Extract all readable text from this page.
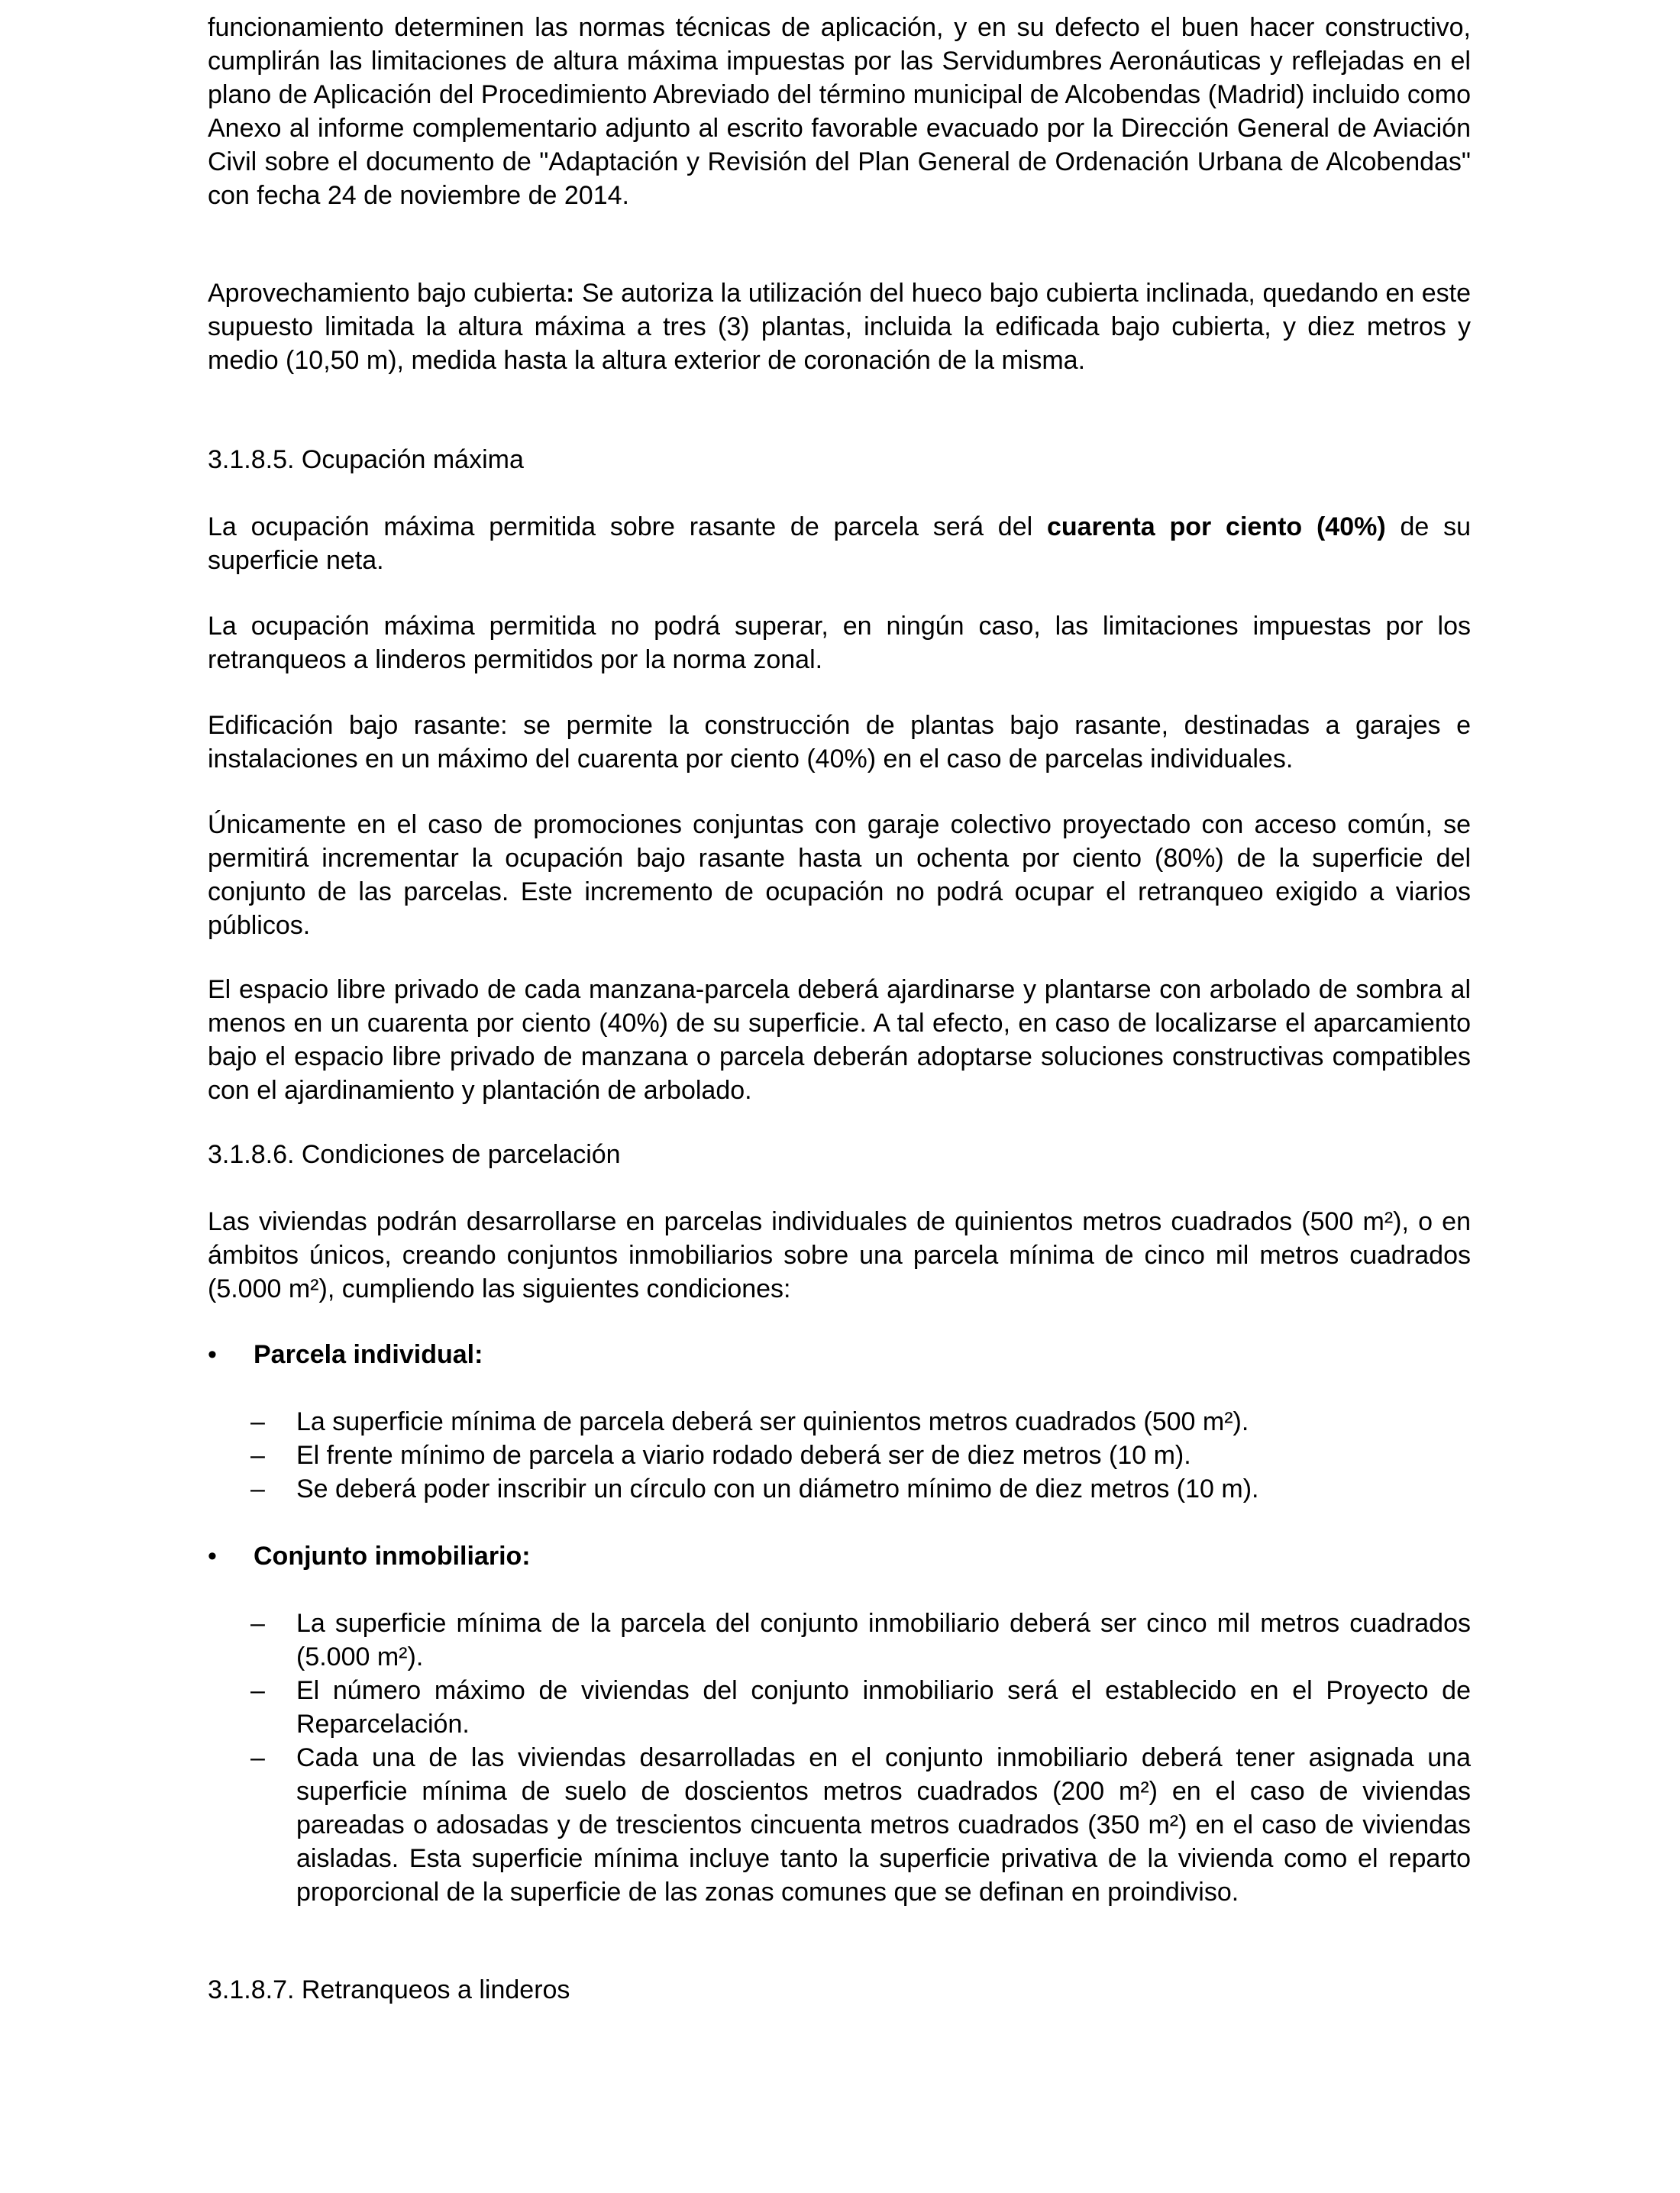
funcionamiento determinen las normas técnicas de aplicación, y en su defecto el buen hacer constructivo, cumplirán las limitaciones de altura máxima impuestas por las Servidumbres Aeronáuticas y reflejadas en el plano de Aplicación del Procedimiento Abreviado del término municipal de Alcobendas (Madrid) incluido como Anexo al informe complementario adjunto al escrito favorable evacuado por la Dirección General de Aviación Civil sobre el documento de "Adaptación y Revisión del Plan General de Ordenación Urbana de Alcobendas" con fecha 24 de noviembre de 2014.

Aprovechamiento bajo cubierta: Se autoriza la utilización del hueco bajo cubierta inclinada, quedando en este supuesto limitada la altura máxima a tres (3) plantas, incluida la edificada bajo cubierta, y diez metros y medio (10,50 m), medida hasta la altura exterior de coronación de la misma.

3.1.8.5. Ocupación máxima

La ocupación máxima permitida sobre rasante de parcela será del cuarenta por ciento (40%) de su superficie neta.

La ocupación máxima permitida no podrá superar, en ningún caso, las limitaciones impuestas por los retranqueos a linderos permitidos por la norma zonal.

Edificación bajo rasante: se permite la construcción de plantas bajo rasante, destinadas a garajes e instalaciones en un máximo del cuarenta por ciento (40%) en el caso de parcelas individuales.

Únicamente en el caso de promociones conjuntas con garaje colectivo proyectado con acceso común, se permitirá incrementar la ocupación bajo rasante hasta un ochenta por ciento (80%) de la superficie del conjunto de las parcelas. Este incremento de ocupación no podrá ocupar el retranqueo exigido a viarios públicos.

El espacio libre privado de cada manzana-parcela deberá ajardinarse y plantarse con arbolado de sombra al menos en un cuarenta por ciento (40%) de su superficie. A tal efecto, en caso de localizarse el aparcamiento bajo el espacio libre privado de manzana o parcela deberán adoptarse soluciones constructivas compatibles con el ajardinamiento y plantación de arbolado.

3.1.8.6. Condiciones de parcelación

Las viviendas podrán desarrollarse en parcelas individuales de quinientos metros cuadrados (500 m²), o en ámbitos únicos, creando conjuntos inmobiliarios sobre una parcela mínima de cinco mil metros cuadrados (5.000 m²), cumpliendo las siguientes condiciones:

• Parcela individual:
– La superficie mínima de parcela deberá ser quinientos metros cuadrados (500 m²).
– El frente mínimo de parcela a viario rodado deberá ser de diez metros (10 m).
– Se deberá poder inscribir un círculo con un diámetro mínimo de diez metros (10 m).
• Conjunto inmobiliario:
– La superficie mínima de la parcela del conjunto inmobiliario deberá ser cinco mil metros cuadrados (5.000 m²).
– El número máximo de viviendas del conjunto inmobiliario será el establecido en el Proyecto de Reparcelación.
– Cada una de las viviendas desarrolladas en el conjunto inmobiliario deberá tener asignada una superficie mínima de suelo de doscientos metros cuadrados (200 m²) en el caso de viviendas pareadas o adosadas y de trescientos cincuenta metros cuadrados (350 m²) en el caso de viviendas aisladas. Esta superficie mínima incluye tanto la superficie privativa de la vivienda como el reparto proporcional de la superficie de las zonas comunes que se definan en proindiviso.
3.1.8.7. Retranqueos a linderos
